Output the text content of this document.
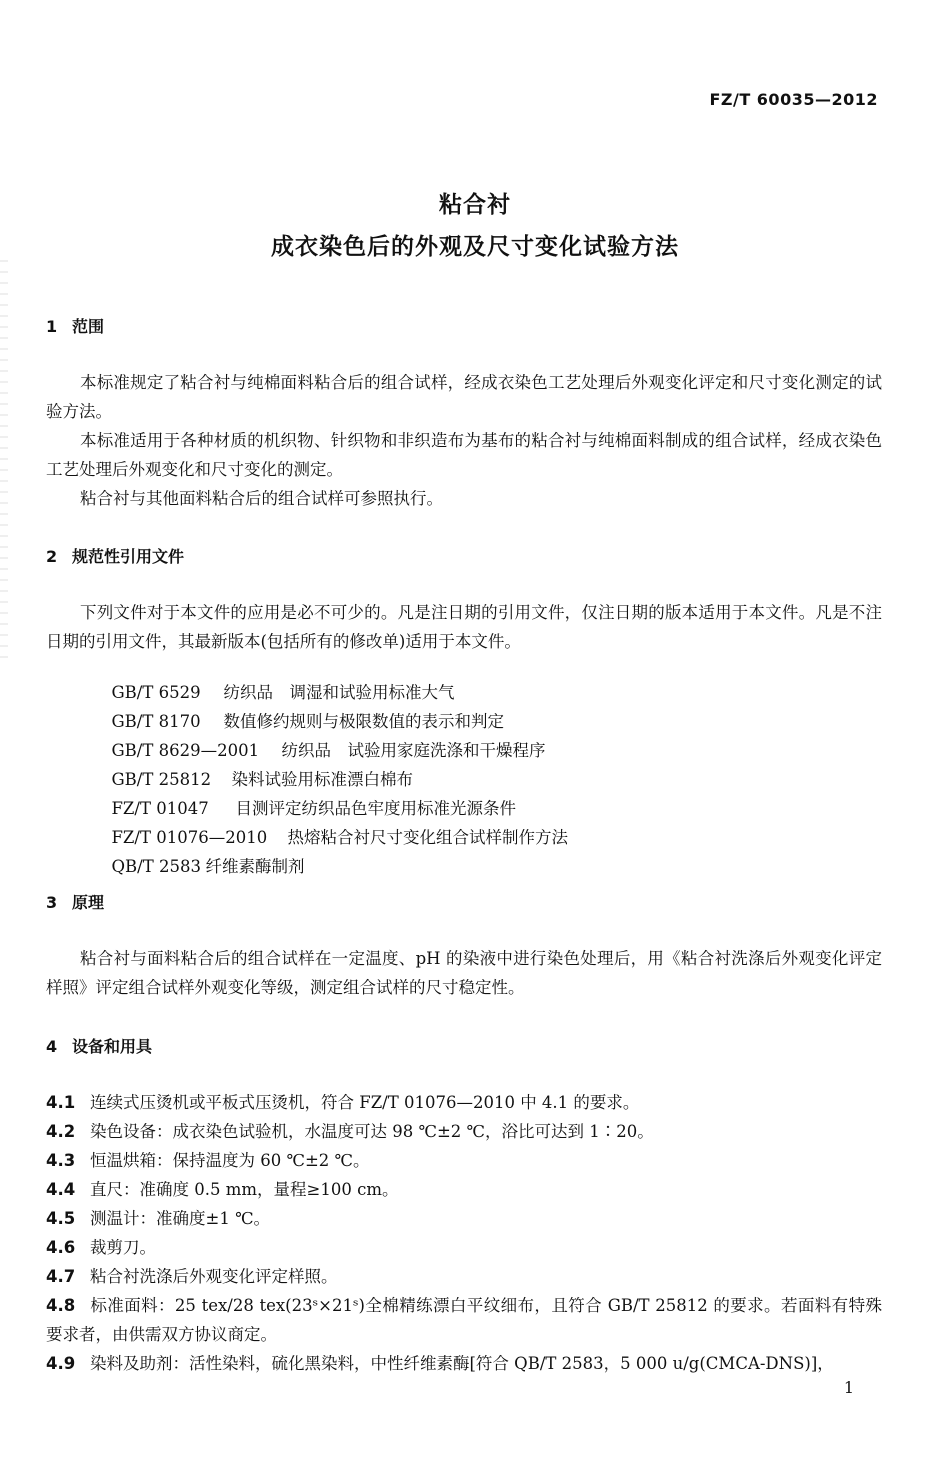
FZ/T 60035—2012
粘合衬
成衣染色后的外观及尺寸变化试验方法
1 范围
本标准规定了粘合衬与纯棉面料粘合后的组合试样，经成衣染色工艺处理后外观变化评定和尺寸变化测定的试验方法。
本标准适用于各种材质的机织物、针织物和非织造布为基布的粘合衬与纯棉面料制成的组合试样，经成衣染色工艺处理后外观变化和尺寸变化的测定。
粘合衬与其他面料粘合后的组合试样可参照执行。
2 规范性引用文件
下列文件对于本文件的应用是必不可少的。凡是注日期的引用文件，仅注日期的版本适用于本文件。凡是不注日期的引用文件，其最新版本(包括所有的修改单)适用于本文件。

GB/T 6529 纺织品　调湿和试验用标准大气

GB/T 8170 数值修约规则与极限数值的表示和判定

GB/T 8629—2001 纺织品　试验用家庭洗涤和干燥程序

GB/T 25812 染料试验用标准漂白棉布

FZ/T 01047 目测评定纺织品色牢度用标准光源条件

FZ/T 01076—2010 热熔粘合衬尺寸变化组合试样制作方法

QB/T 2583 纤维素酶制剂

3 原理
粘合衬与面料粘合后的组合试样在一定温度、pH 的染液中进行染色处理后，用《粘合衬洗涤后外观变化评定样照》评定组合试样外观变化等级，测定组合试样的尺寸稳定性。
4 设备和用具
4.1 连续式压烫机或平板式压烫机，符合 FZ/T 01076—2010 中 4.1 的要求。
4.2 染色设备：成衣染色试验机，水温度可达 98 ℃±2 ℃，浴比可达到 1∶20。
4.3 恒温烘箱：保持温度为 60 ℃±2 ℃。
4.4 直尺：准确度 0.5 mm，量程≥100 cm。
4.5 测温计：准确度±1 ℃。
4.6 裁剪刀。
4.7 粘合衬洗涤后外观变化评定样照。
4.8 标准面料：25 tex/28 tex(23ˢ×21ˢ)全棉精练漂白平纹细布，且符合 GB/T 25812 的要求。若面料有特殊要求者，由供需双方协议商定。
4.9 染料及助剂：活性染料，硫化黑染料，中性纤维素酶[符合 QB/T 2583，5 000 u/g(CMCA-DNS)]，
1
